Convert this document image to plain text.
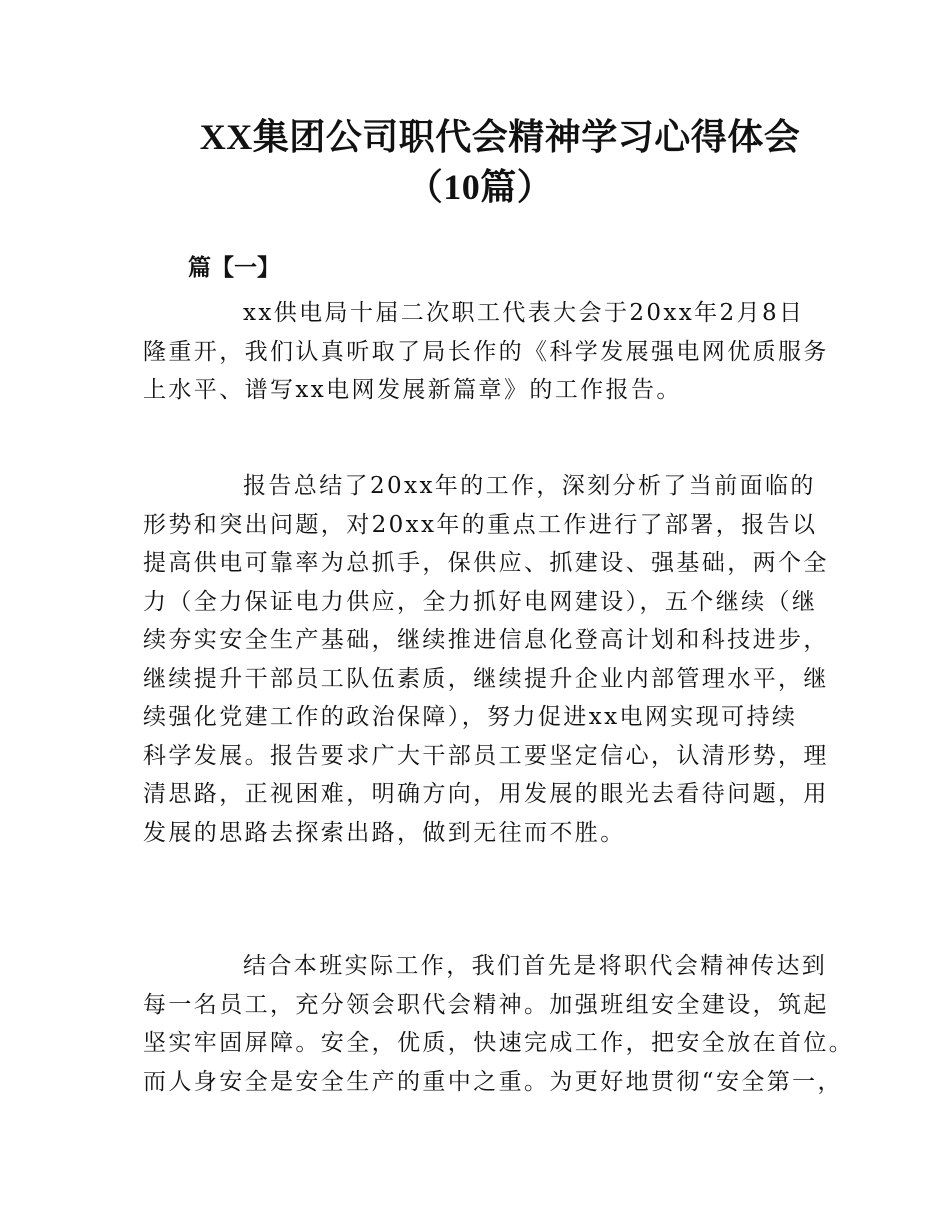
XX集团公司职代会精神学习心得体会
（10篇）
篇【一】

xx供电局十届二次职工代表大会于20xx年2月8日
隆重开，我们认真听取了局长作的《科学发展强电网优质服务
上水平、谱写xx电网发展新篇章》的工作报告。

报告总结了20xx年的工作，深刻分析了当前面临的
形势和突出问题，对20xx年的重点工作进行了部署，报告以
提高供电可靠率为总抓手，保供应、抓建设、强基础，两个全
力（全力保证电力供应，全力抓好电网建设），五个继续（继
续夯实安全生产基础，继续推进信息化登高计划和科技进步，
继续提升干部员工队伍素质，继续提升企业内部管理水平，继
续强化党建工作的政治保障），努力促进xx电网实现可持续
科学发展。报告要求广大干部员工要坚定信心，认清形势，理
清思路，正视困难，明确方向，用发展的眼光去看待问题，用
发展的思路去探索出路，做到无往而不胜。

结合本班实际工作，我们首先是将职代会精神传达到
每一名员工，充分领会职代会精神。加强班组安全建设，筑起
坚实牢固屏障。安全，优质，快速完成工作，把安全放在首位。
而人身安全是安全生产的重中之重。为更好地贯彻“安全第一，
